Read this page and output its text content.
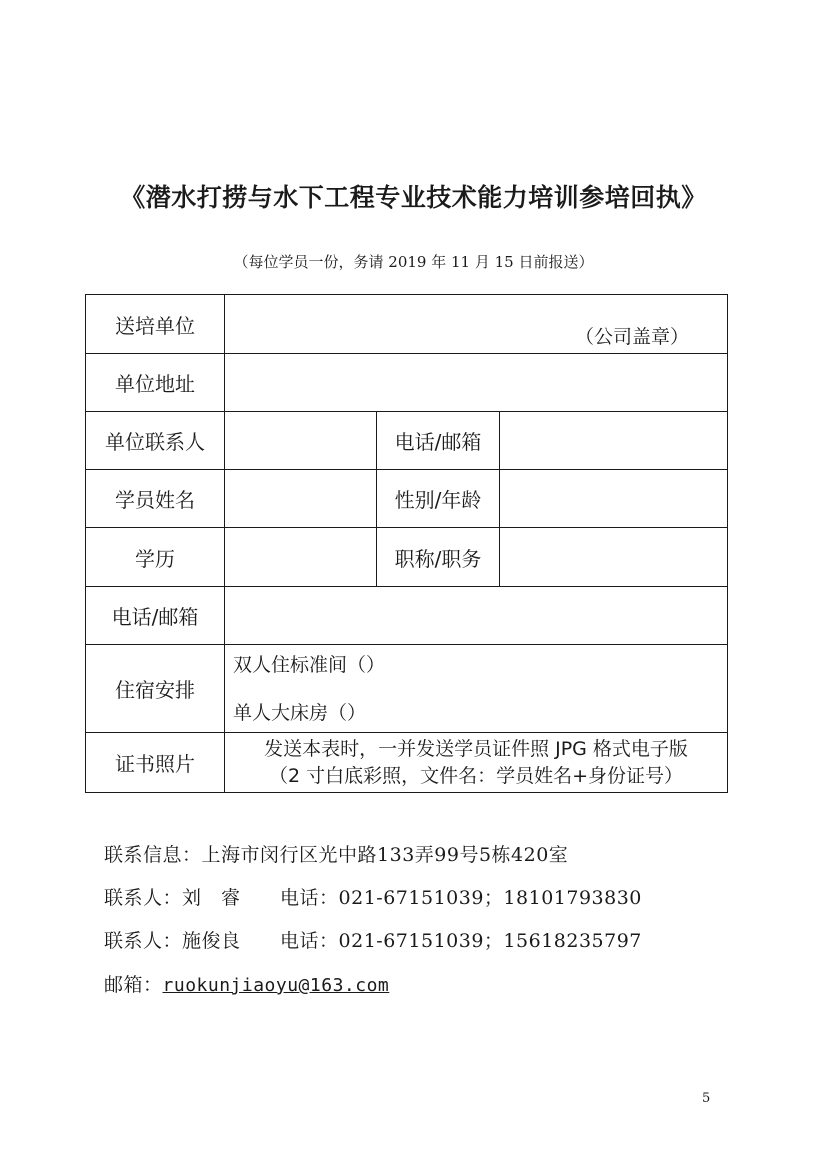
《潜水打捞与水下工程专业技术能力培训参培回执》
（每位学员一份，务请 2019 年 11 月 15 日前报送）
送培单位	（公司盖章）		

单位地址			
单位联系人		电话/邮箱	
学员姓名		性别/年龄	
学历		职称/职务	
电话/邮箱			
住宿安排	双人住标准间（）
单人大床房（）		

证书照片	发送本表时，一并发送学员证件照 JPG 格式电子版
（2 寸白底彩照，文件名：学员姓名+身份证号）		
联系信息：上海市闵行区光中路133弄99号5栋420室
联系人：刘　睿 电话：021-67151039；18101793830
联系人：施俊良 电话：021-67151039；15618235797
邮箱：ruokunjiaoyu@163.com
5
